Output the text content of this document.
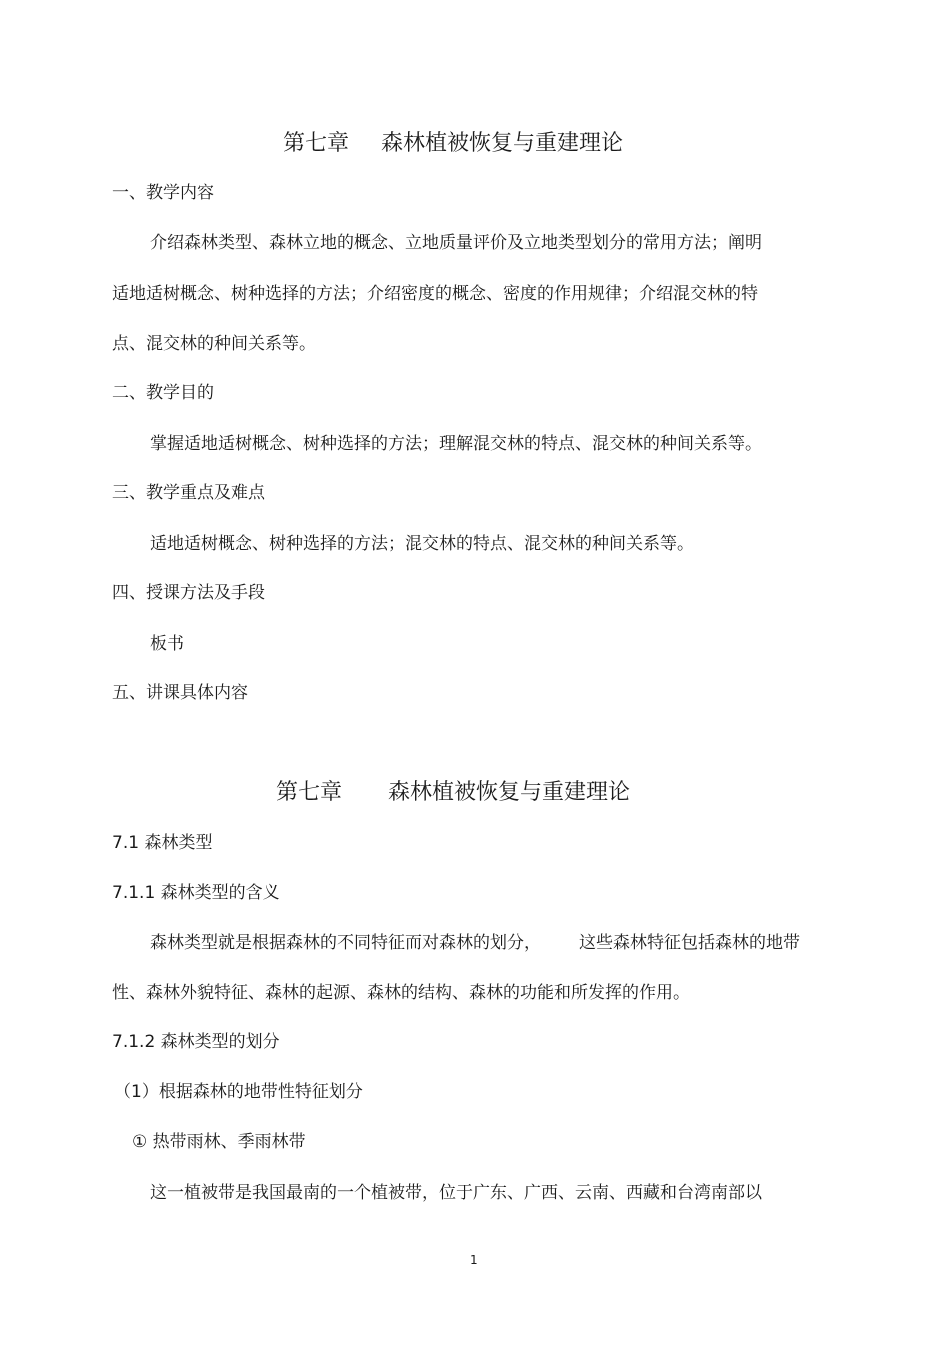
第七章 森林植被恢复与重建理论
一、教学内容
介绍森林类型、森林立地的概念、立地质量评价及立地类型划分的常用方法；阐明
适地适树概念、树种选择的方法；介绍密度的概念、密度的作用规律；介绍混交林的特
点、混交林的种间关系等。
二、教学目的
掌握适地适树概念、树种选择的方法；理解混交林的特点、混交林的种间关系等。
三、教学重点及难点
适地适树概念、树种选择的方法；混交林的特点、混交林的种间关系等。
四、授课方法及手段
板书
五、讲课具体内容
第七章 森林植被恢复与重建理论
7.1 森林类型
7.1.1 森林类型的含义
森林类型就是根据森林的不同特征而对森林的划分， 这些森林特征包括森林的地带
性、森林外貌特征、森林的起源、森林的结构、森林的功能和所发挥的作用。
7.1.2 森林类型的划分
（1）根据森林的地带性特征划分
① 热带雨林、季雨林带
这一植被带是我国最南的一个植被带，位于广东、广西、云南、西藏和台湾南部以
1
